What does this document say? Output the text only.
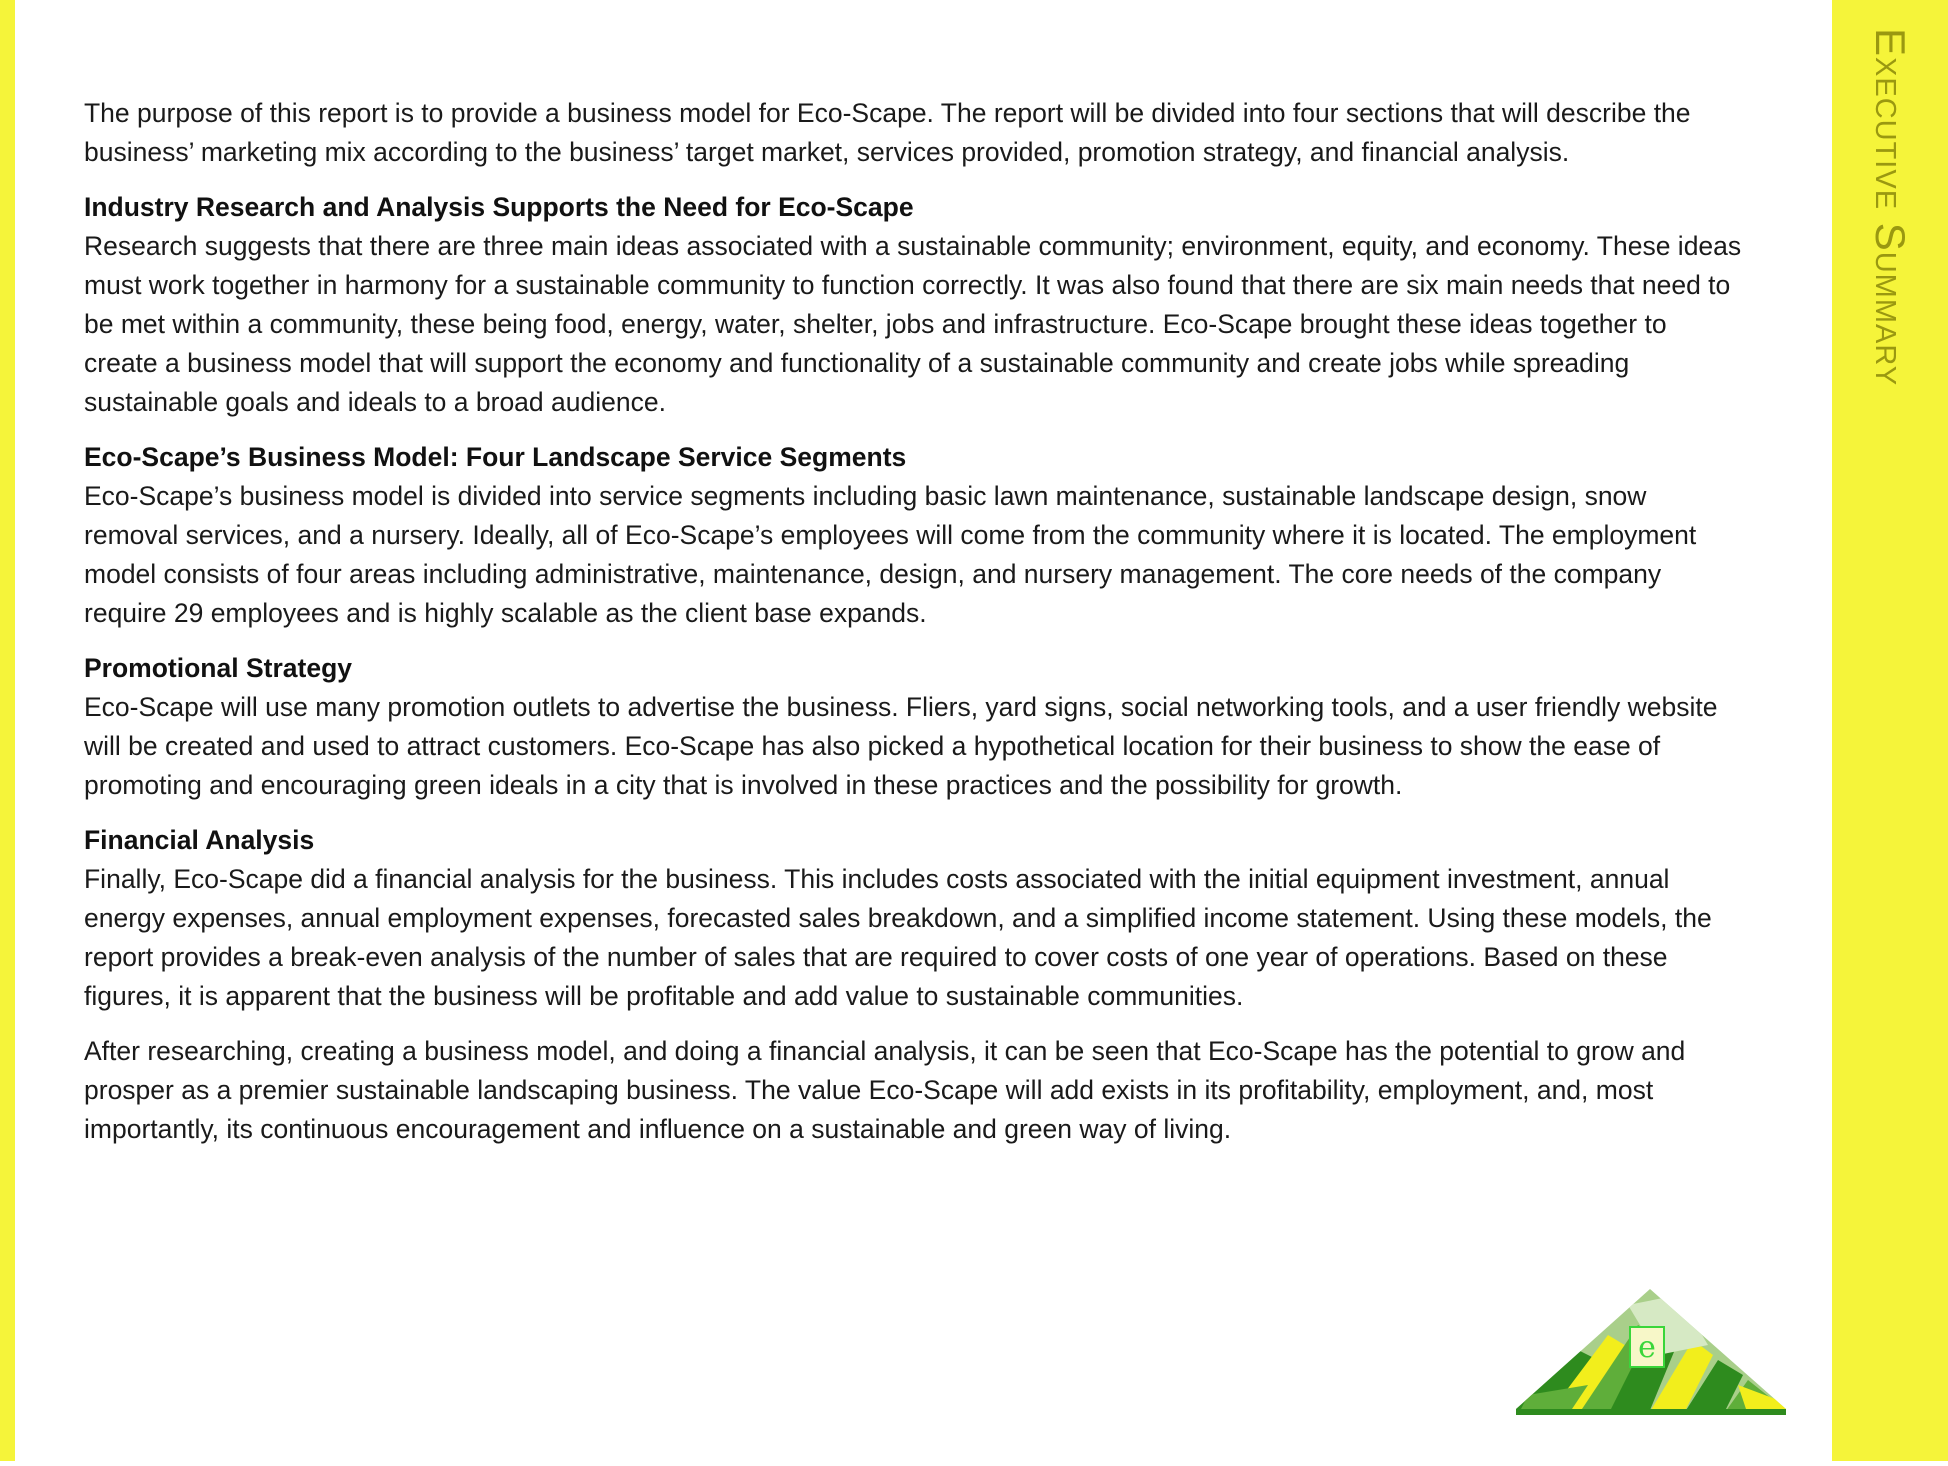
Executive Summary

The purpose of this report is to provide a business model for Eco-Scape. The report will be divided into four sections that will describe the business’ marketing mix according to the business’ target market, services provided, promotion strategy, and financial analysis.

Industry Research and Analysis Supports the Need for Eco-Scape

Research suggests that there are three main ideas associated with a sustainable community; environment, equity, and economy. These ideas must work together in harmony for a sustainable community to function correctly. It was also found that there are six main needs that need to be met within a community, these being food, energy, water, shelter, jobs and infrastructure. Eco-Scape brought these ideas together to create a business model that will support the economy and functionality of a sustainable community and create jobs while spreading sustainable goals and ideals to a broad audience.

Eco-Scape’s Business Model: Four Landscape Service Segments

Eco-Scape’s business model is divided into service segments including basic lawn maintenance, sustainable landscape design, snow removal services, and a nursery. Ideally, all of Eco-Scape’s employees will come from the community where it is located. The employment model consists of four areas including administrative, maintenance, design, and nursery management. The core needs of the company require 29 employees and is highly scalable as the client base expands.

Promotional Strategy

Eco-Scape will use many promotion outlets to advertise the business. Fliers, yard signs, social networking tools, and a user friendly website will be created and used to attract customers. Eco-Scape has also picked a hypothetical location for their business to show the ease of promoting and encouraging green ideals in a city that is involved in these practices and the possibility for growth.

Financial Analysis

Finally, Eco-Scape did a financial analysis for the business. This includes costs associated with the initial equipment investment, annual energy expenses, annual employment expenses, forecasted sales breakdown, and a simplified income statement. Using these models, the report provides a break-even analysis of the number of sales that are required to cover costs of one year of operations. Based on these figures, it is apparent that the business will be profitable and add value to sustainable communities.

After researching, creating a business model, and doing a financial analysis, it can be seen that Eco-Scape has the potential to grow and prosper as a premier sustainable landscaping business. The value Eco-Scape will add exists in its profitability, employment, and, most importantly, its continuous encouragement and influence on a sustainable and green way of living.

e
